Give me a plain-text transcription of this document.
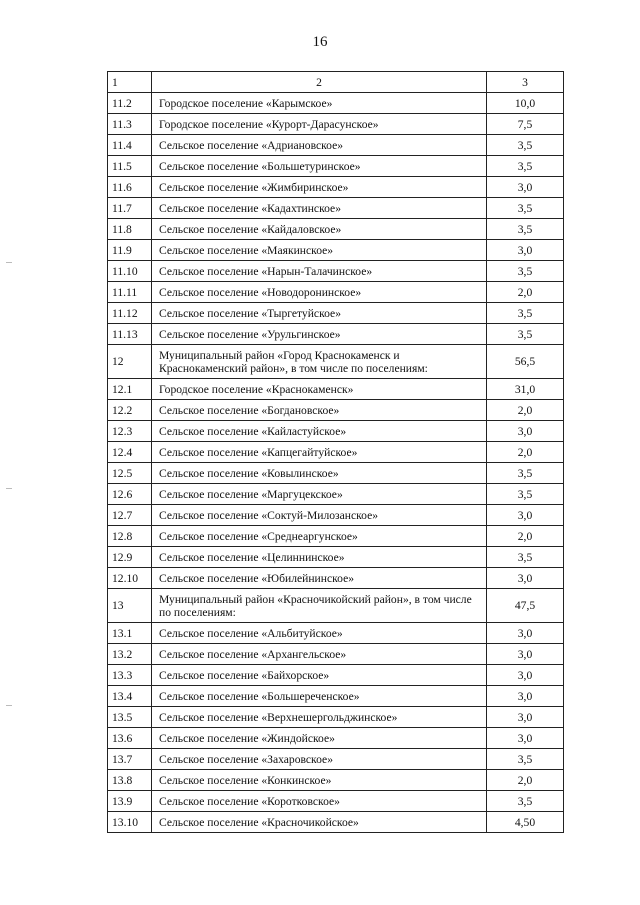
16
1	2	3
11.2	Городское поселение «Карымское»	10,0
11.3	Городское поселение «Курорт-Дарасунское»	7,5
11.4	Сельское поселение «Адриановское»	3,5
11.5	Сельское поселение «Большетуринское»	3,5
11.6	Сельское поселение «Жимбиринское»	3,0
11.7	Сельское поселение «Кадахтинское»	3,5
11.8	Сельское поселение «Кайдаловское»	3,5
11.9	Сельское поселение «Маякинское»	3,0
11.10	Сельское поселение «Нарын-Талачинское»	3,5
11.11	Сельское поселение «Новодоронинское»	2,0
11.12	Сельское поселение «Тыргетуйское»	3,5
11.13	Сельское поселение «Урульгинское»	3,5
12	Муниципальный район «Город Краснокаменск и Краснокаменский район», в том числе по поселениям:	56,5
12.1	Городское поселение «Краснокаменск»	31,0
12.2	Сельское поселение «Богдановское»	2,0
12.3	Сельское поселение «Кайластуйское»	3,0
12.4	Сельское поселение «Капцегайтуйское»	2,0
12.5	Сельское поселение «Ковылинское»	3,5
12.6	Сельское поселение «Маргуцекское»	3,5
12.7	Сельское поселение «Соктуй-Милозанское»	3,0
12.8	Сельское поселение «Среднеаргунское»	2,0
12.9	Сельское поселение «Целиннинское»	3,5
12.10	Сельское поселение «Юбилейнинское»	3,0
13	Муниципальный район «Красночикойский район», в том числе по поселениям:	47,5
13.1	Сельское поселение «Альбитуйское»	3,0
13.2	Сельское поселение «Архангельское»	3,0
13.3	Сельское поселение «Байхорское»	3,0
13.4	Сельское поселение «Большереченское»	3,0
13.5	Сельское поселение «Верхнешергольджинское»	3,0
13.6	Сельское поселение «Жиндойское»	3,0
13.7	Сельское поселение «Захаровское»	3,5
13.8	Сельское поселение «Конкинское»	2,0
13.9	Сельское поселение «Коротковское»	3,5
13.10	Сельское поселение «Красночикойское»	4,50
